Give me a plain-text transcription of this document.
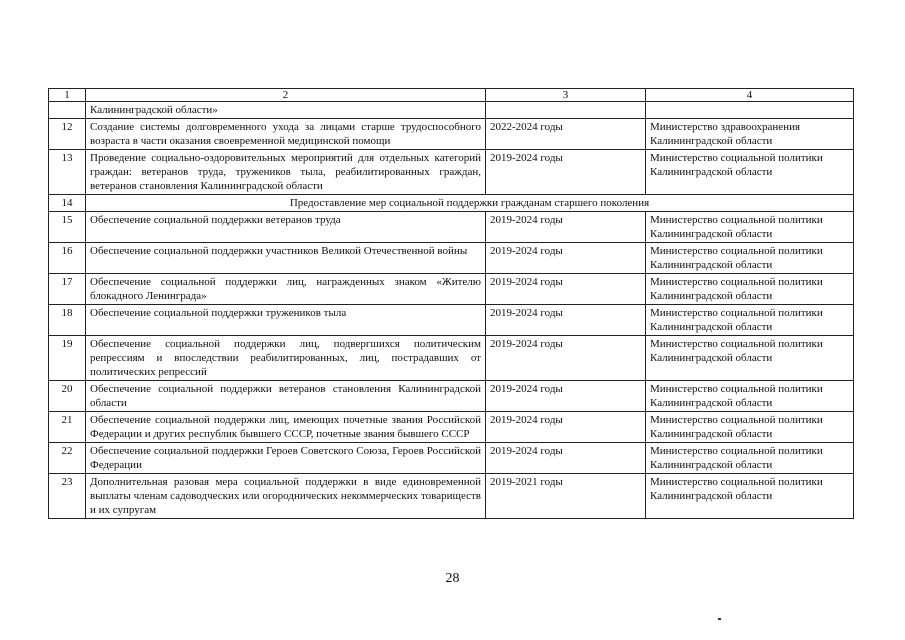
1	2	3	4
	Калининградской области»		
12	Создание системы долговременного ухода за лицами старше трудоспособного возраста в части оказания своевременной медицинской помощи	2022-2024 годы	Министерство здравоохранения Калининградской области
13	Проведение социально-оздоровительных мероприятий для отдельных категорий граждан: ветеранов труда, тружеников тыла, реабилитированных граждан, ветеранов становления Калининградской области	2019-2024 годы	Министерство социальной политики Калининградской области
14	Предоставление мер социальной поддержки гражданам старшего поколения		
15	Обеспечение социальной поддержки ветеранов труда	2019-2024 годы	Министерство социальной политики Калининградской области
16	Обеспечение социальной поддержки участников Великой Отечественной войны	2019-2024 годы	Министерство социальной политики Калининградской области
17	Обеспечение социальной поддержки лиц, награжденных знаком «Жителю блокадного Ленинграда»	2019-2024 годы	Министерство социальной политики Калининградской области
18	Обеспечение социальной поддержки тружеников тыла	2019-2024 годы	Министерство социальной политики Калининградской области
19	Обеспечение социальной поддержки лиц, подвергшихся политическим репрессиям и впоследствии реабилитированных, лиц, пострадавших от политических репрессий	2019-2024 годы	Министерство социальной политики Калининградской области
20	Обеспечение социальной поддержки ветеранов становления Калининградской области	2019-2024 годы	Министерство социальной политики Калининградской области
21	Обеспечение социальной поддержки лиц, имеющих почетные звания Российской Федерации и других республик бывшего СССР, почетные звания бывшего СССР	2019-2024 годы	Министерство социальной политики Калининградской области
22	Обеспечение социальной поддержки Героев Советского Союза, Героев Российской Федерации	2019-2024 годы	Министерство социальной политики Калининградской области
23	Дополнительная разовая мера социальной поддержки в виде единовременной выплаты членам садоводческих или огороднических некоммерческих товариществ и их супругам	2019-2021 годы	Министерство социальной политики Калининградской области
28
